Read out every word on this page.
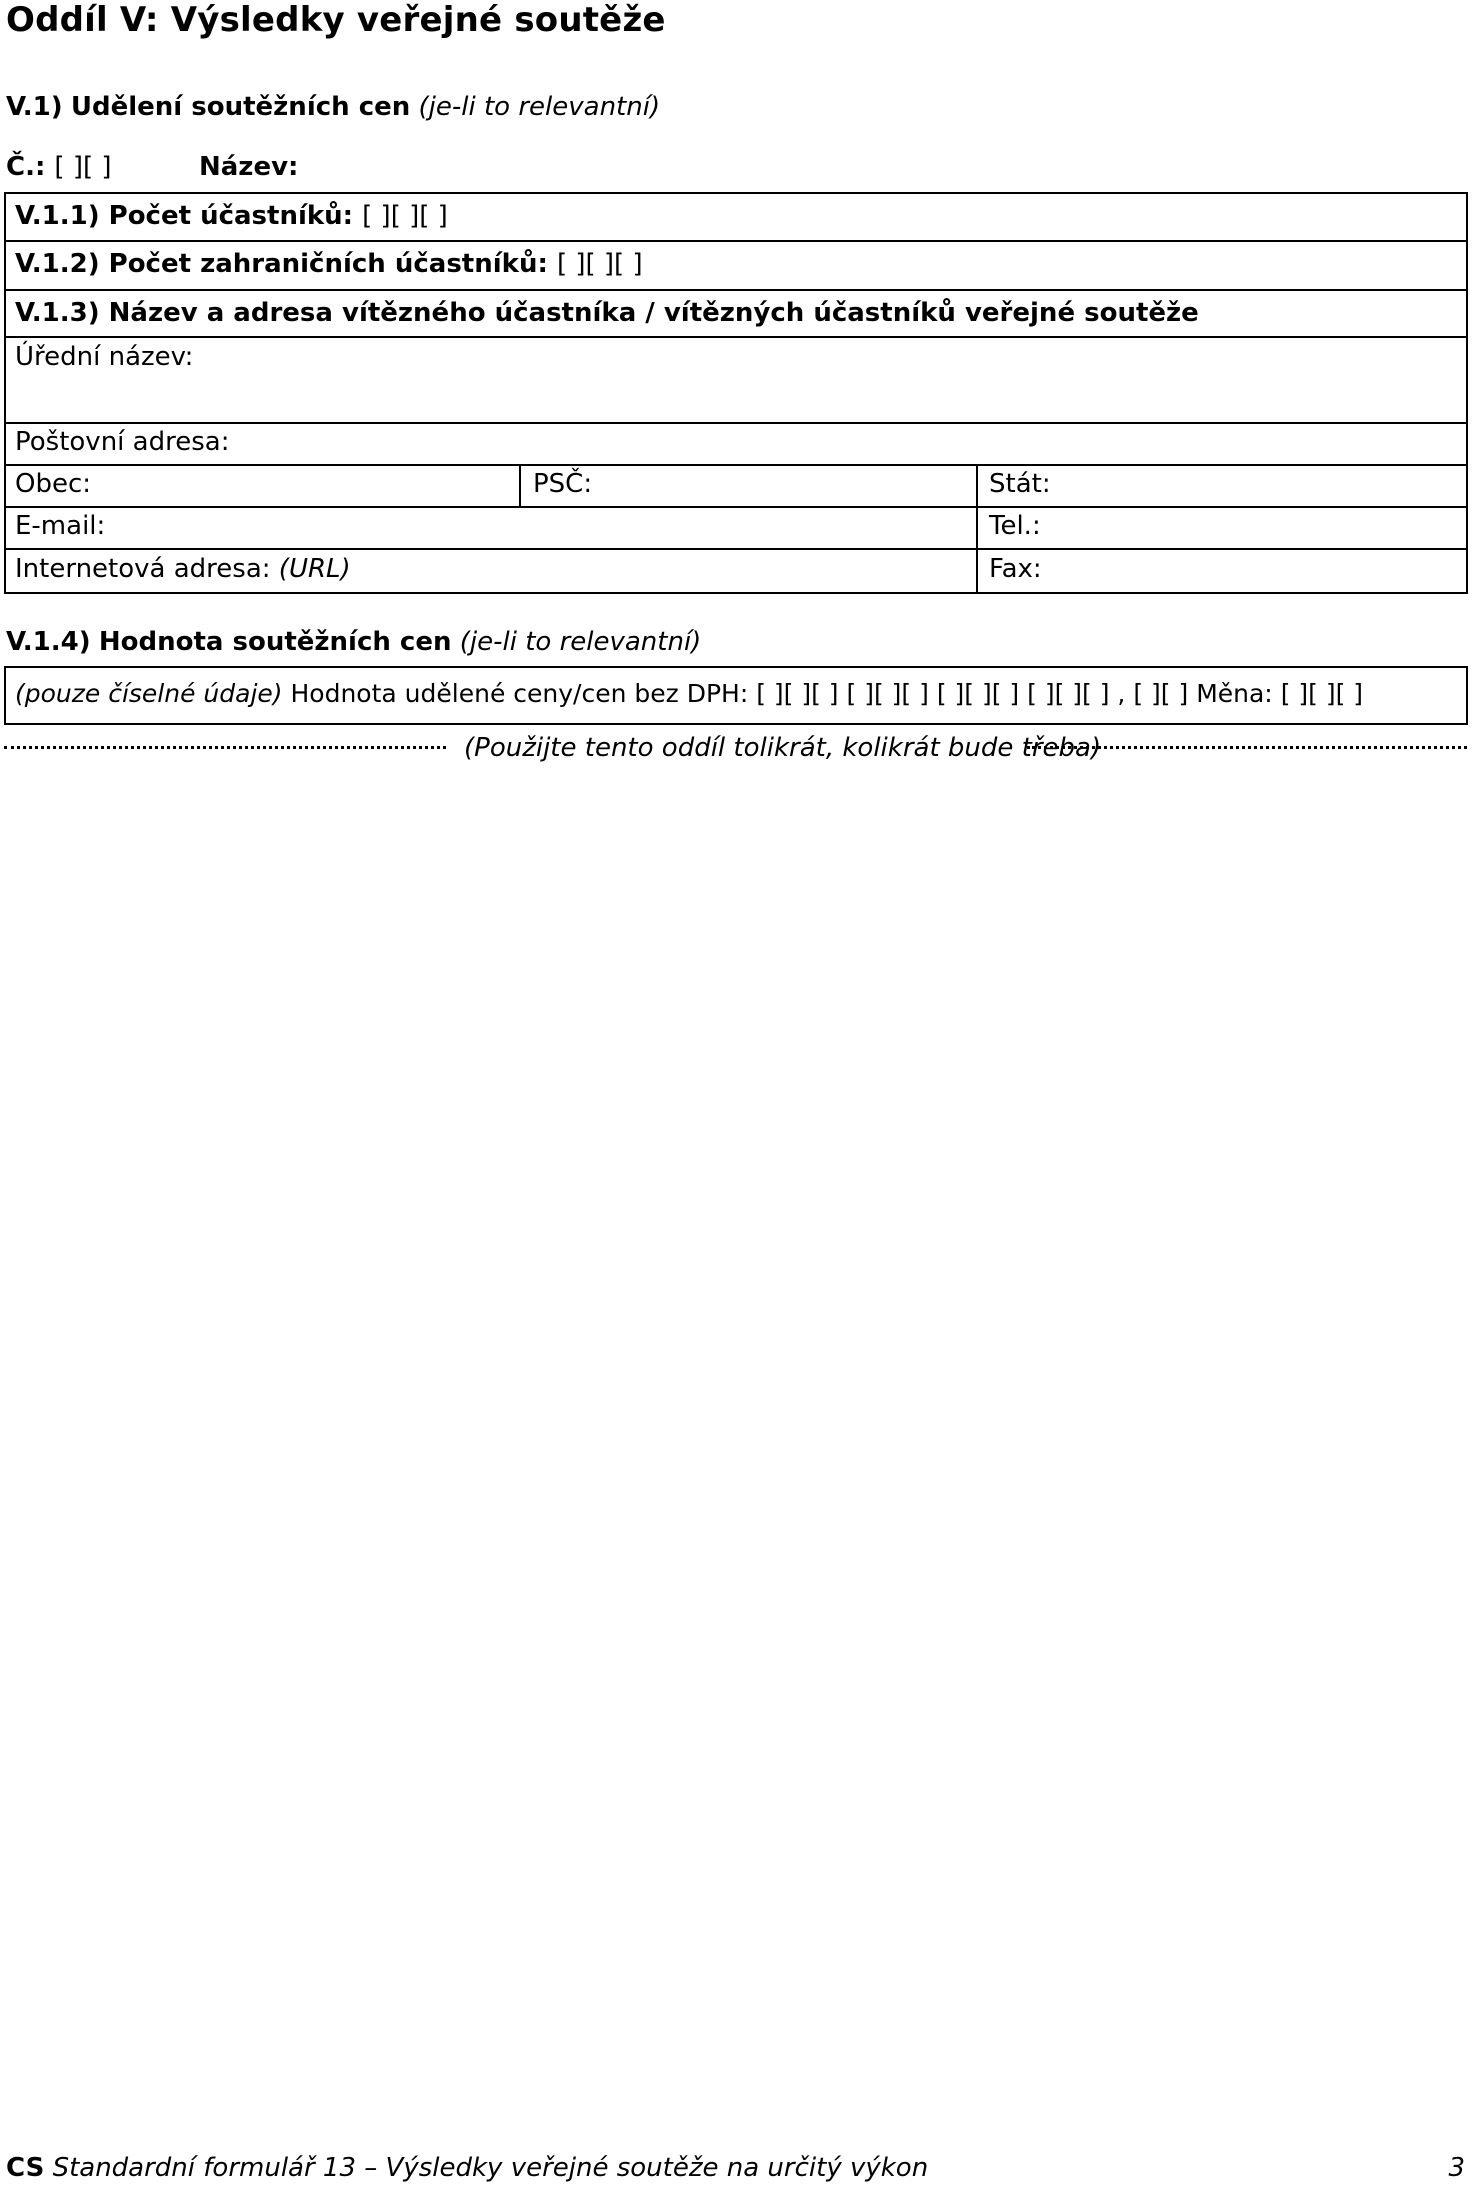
Oddíl V: Výsledky veřejné soutěže
V.1) Udělení soutěžních cen (je-li to relevantní)
Č.: [ ][ ]	Název:
V.1.1) Počet účastníků: [ ][ ][ ]
V.1.2) Počet zahraničních účastníků: [ ][ ][ ]
V.1.3) Název a adresa vítězného účastníka / vítězných účastníků veřejné soutěže
Úřední název:
Poštovní adresa:
Obec:	PSČ:	Stát:
E-mail:	Tel.:
Internetová adresa: (URL)	Fax:
V.1.4) Hodnota soutěžních cen (je-li to relevantní)
(pouze číselné údaje) Hodnota udělené ceny/cen bez DPH: [ ][ ][ ] [ ][ ][ ] [ ][ ][ ] [ ][ ][ ] , [ ][ ] Měna: [ ][ ][ ]
(Použijte tento oddíl tolikrát, kolikrát bude třeba)
CS Standardní formulář 13 – Výsledky veřejné soutěže na určitý výkon	3
